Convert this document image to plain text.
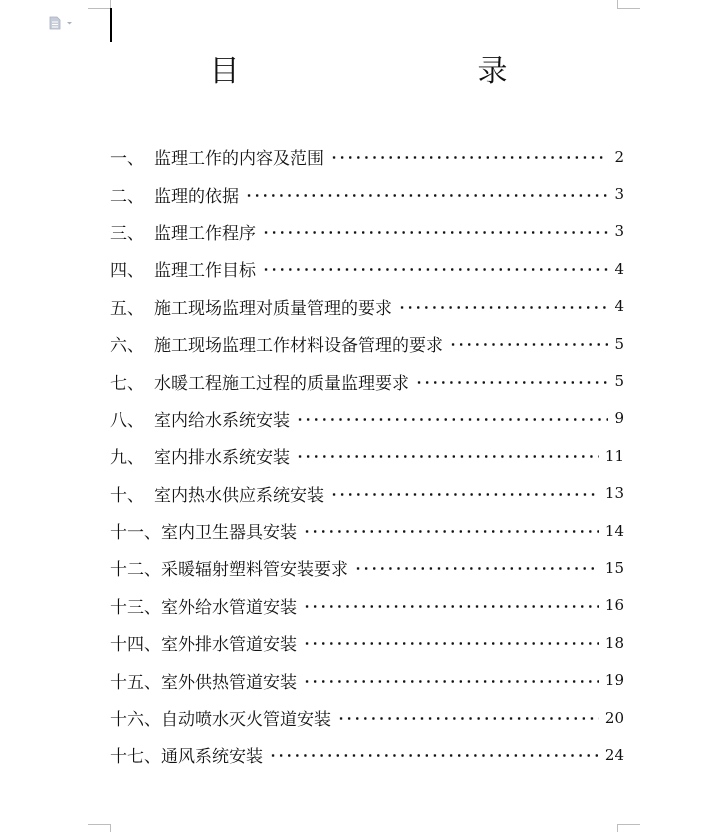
目　录
一、 监理工作的内容及范围	2
二、 监理的依据	3
三、 监理工作程序	3
四、 监理工作目标	4
五、 施工现场监理对质量管理的要求	4
六、 施工现场监理工作材料设备管理的要求	5
七、 水暖工程施工过程的质量监理要求	5
八、 室内给水系统安装	9
九、 室内排水系统安装	11
十、 室内热水供应系统安装	13
十一、 室内卫生器具安装	14
十二、 采暖辐射塑料管安装要求	15
十三、 室外给水管道安装	16
十四、 室外排水管道安装	18
十五、 室外供热管道安装	19
十六、 自动喷水灭火管道安装	20
十七、 通风系统安装	24
